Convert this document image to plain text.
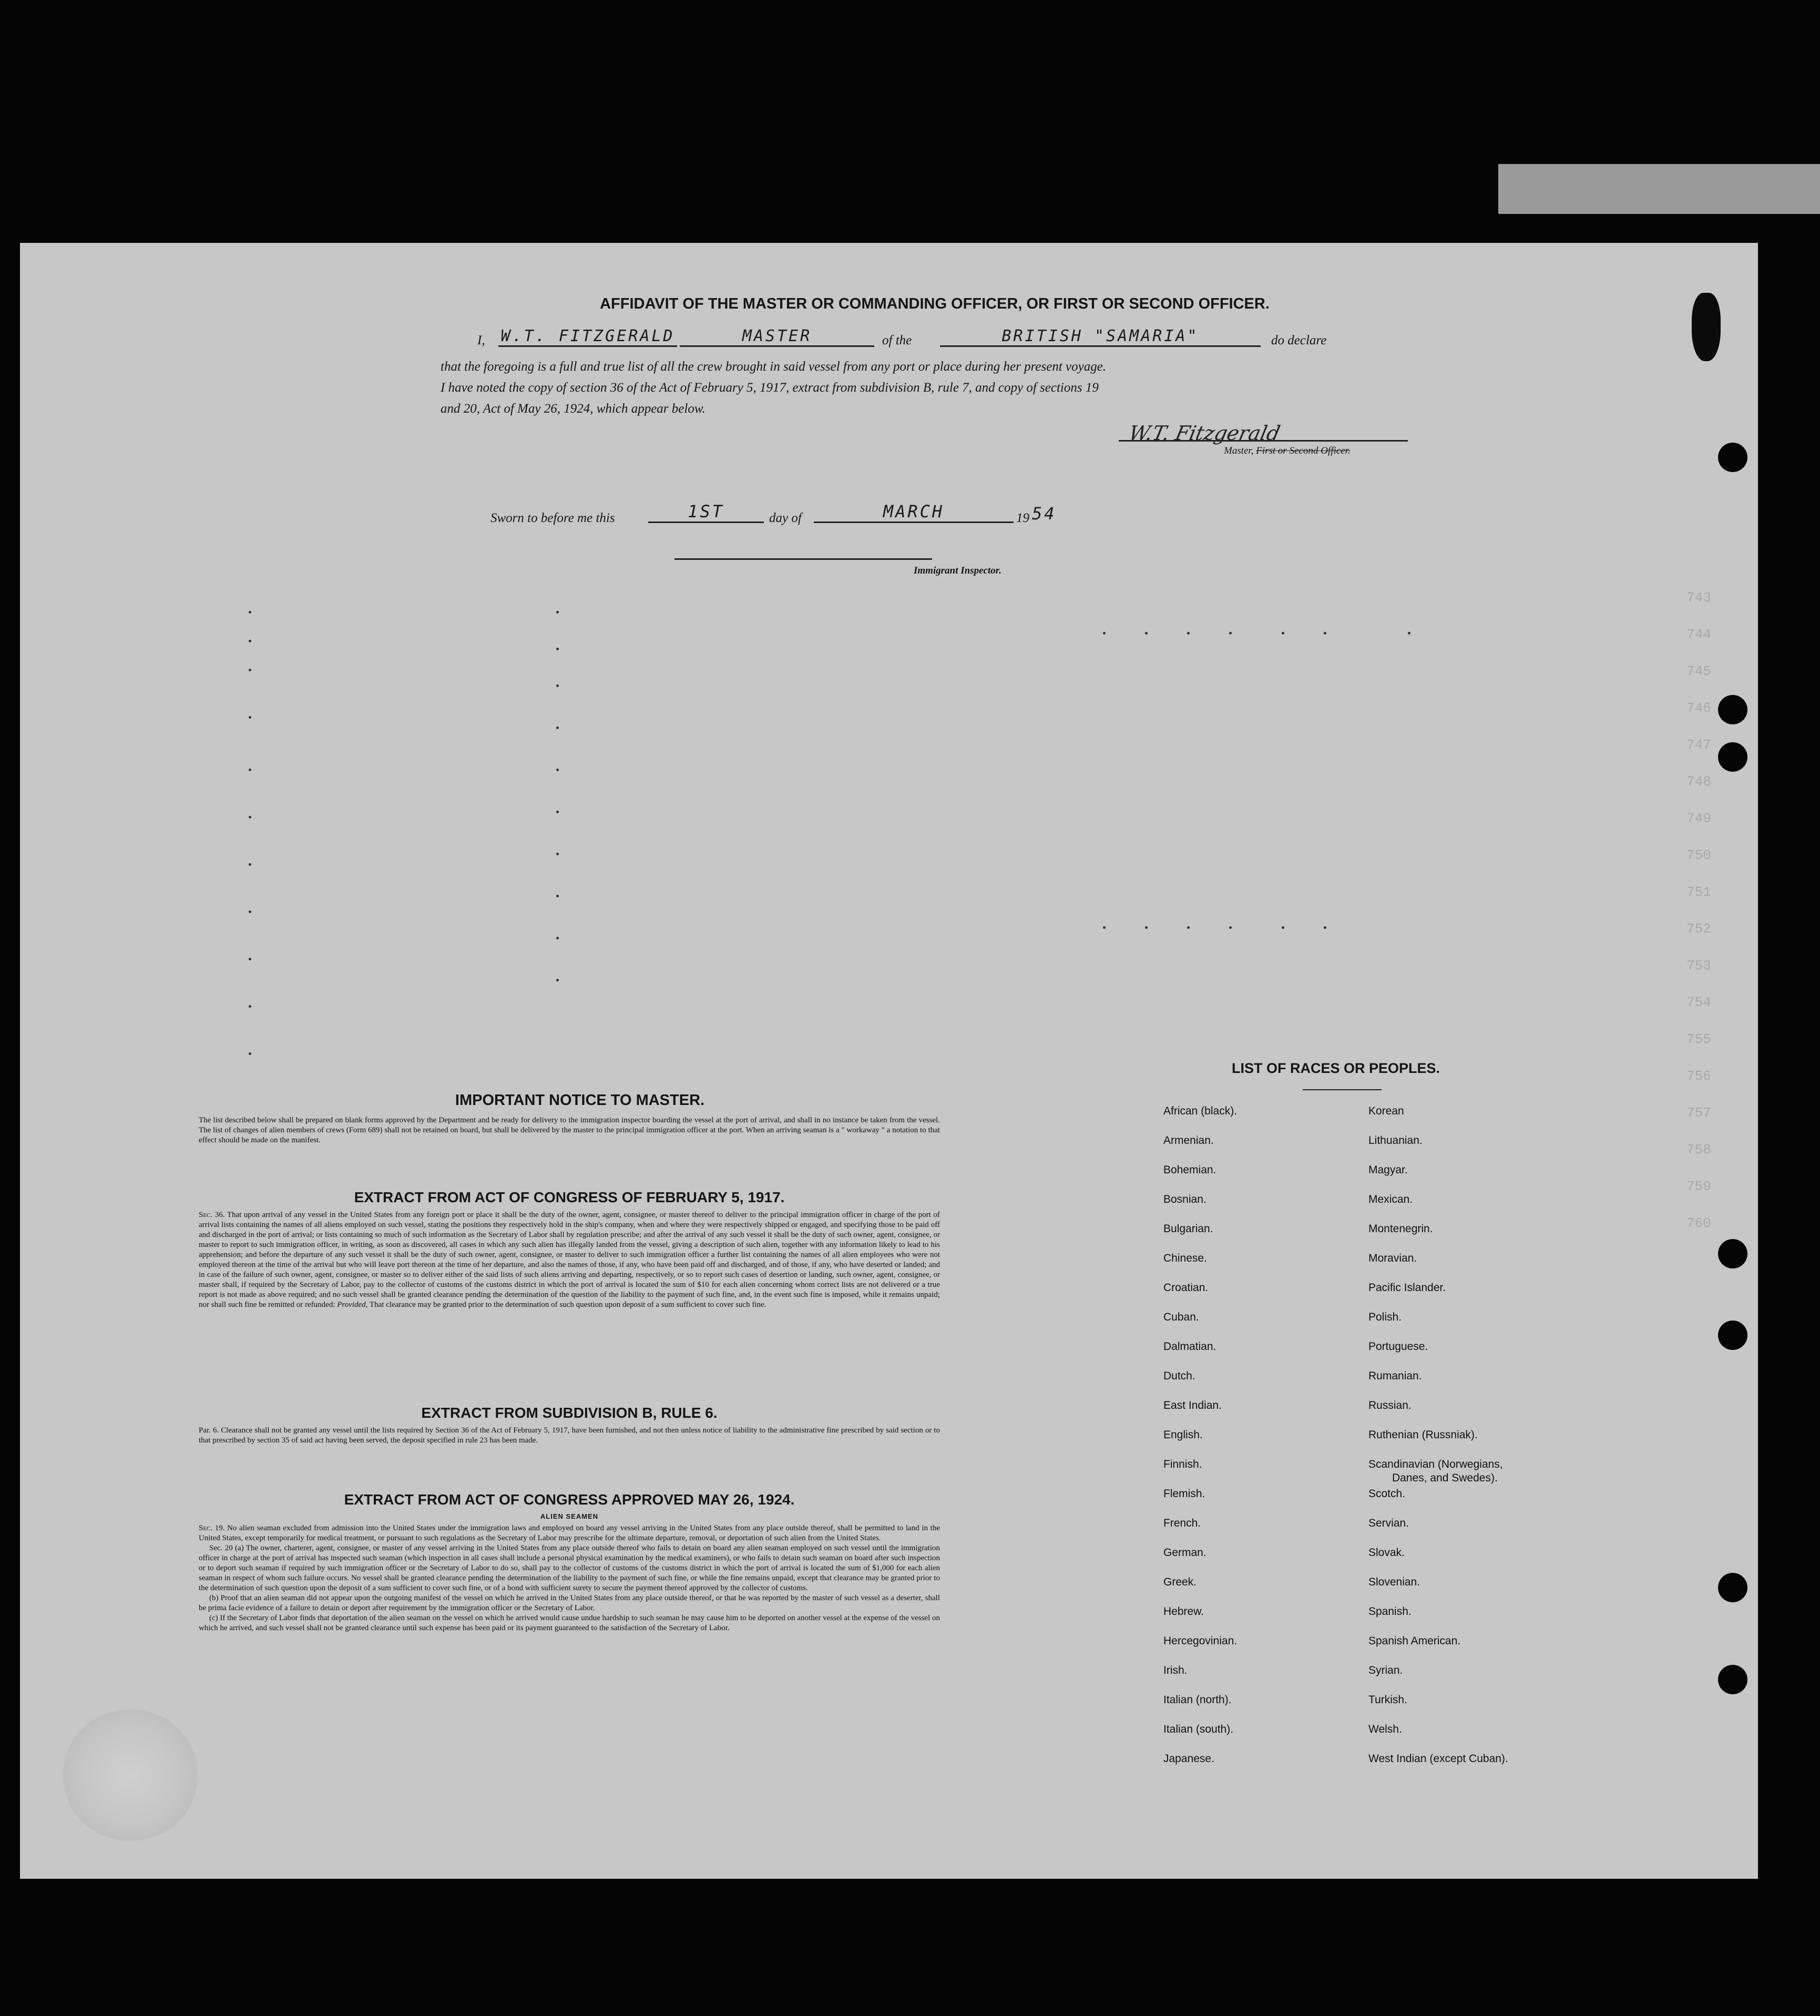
743
744
745
746
747
748
749
750
751
752
753
754
755
756
757
758
759
760
AFFIDAVIT OF THE MASTER OR COMMANDING OFFICER, OR FIRST OR SECOND OFFICER.
I, W.T. FITZGERALD	MASTER	of the	BRITISH "SAMARIA"	do declare
that the foregoing is a full and true list of all the crew brought in said vessel from any port or place during her present voyage.
I have noted the copy of section 36 of the Act of February 5, 1917, extract from subdivision B, rule 7, and copy of sections 19
and 20, Act of May 26, 1924, which appear below.
W.T. Fitzgerald
Master, First or Second Officer.
Sworn to before me this	1ST	day of	MARCH	19 54
Immigrant Inspector.
IMPORTANT NOTICE TO MASTER.
The list described below shall be prepared on blank forms approved by the Department and be ready for delivery to the immigration inspector boarding the vessel at the port of arrival, and shall in no instance be taken from the vessel. The list of changes of alien members of crews (Form 689) shall not be retained on board, but shall be delivered by the master to the principal immigration officer at the port. When an arriving seaman is a " workaway " a notation to that effect should be made on the manifest.
EXTRACT FROM ACT OF CONGRESS OF FEBRUARY 5, 1917.
Sec. 36. That upon arrival of any vessel in the United States from any foreign port or place it shall be the duty of the owner, agent, consignee, or master thereof to deliver to the principal immigration officer in charge of the port of arrival lists containing the names of all aliens employed on such vessel, stating the positions they respectively hold in the ship's company, when and where they were respectively shipped or engaged, and specifying those to be paid off and discharged in the port of arrival; or lists containing so much of such information as the Secretary of Labor shall by regulation prescribe; and after the arrival of any such vessel it shall be the duty of such owner, agent, consignee, or master to report to such immigration officer, in writing, as soon as discovered, all cases in which any such alien has illegally landed from the vessel, giving a description of such alien, together with any information likely to lead to his apprehension; and before the departure of any such vessel it shall be the duty of such owner, agent, consignee, or master to deliver to such immigration officer a further list containing the names of all alien employees who were not employed thereon at the time of the arrival but who will leave port thereon at the time of her departure, and also the names of those, if any, who have been paid off and discharged, and of those, if any, who have deserted or landed; and in case of the failure of such owner, agent, consignee, or master so to deliver either of the said lists of such aliens arriving and departing, respectively, or so to report such cases of desertion or landing, such owner, agent, consignee, or master shall, if required by the Secretary of Labor, pay to the collector of customs of the customs district in which the port of arrival is located the sum of $10 for each alien concerning whom correct lists are not delivered or a true report is not made as above required; and no such vessel shall be granted clearance pending the determination of the question of the liability to the payment of such fine, and, in the event such fine is imposed, while it remains unpaid; nor shall such fine be remitted or refunded: Provided, That clearance may be granted prior to the determination of such question upon deposit of a sum sufficient to cover such fine.
EXTRACT FROM SUBDIVISION B, RULE 6.
Par. 6. Clearance shall not be granted any vessel until the lists required by Section 36 of the Act of February 5, 1917, have been furnished, and not then unless notice of liability to the administrative fine prescribed by said section or to that prescribed by section 35 of said act having been served, the deposit specified in rule 23 has been made.
EXTRACT FROM ACT OF CONGRESS APPROVED MAY 26, 1924.
ALIEN SEAMEN
Sec. 19. No alien seaman excluded from admission into the United States under the immigration laws and employed on board any vessel arriving in the United States from any place outside thereof, shall be permitted to land in the United States, except temporarily for medical treatment, or pursuant to such regulations as the Secretary of Labor may prescribe for the ultimate departure, removal, or deportation of such alien from the United States.
Sec. 20 (a) The owner, charterer, agent, consignee, or master of any vessel arriving in the United States from any place outside thereof who fails to detain on board any alien seaman employed on such vessel until the immigration officer in charge at the port of arrival has inspected such seaman (which inspection in all cases shall include a personal physical examination by the medical examiners), or who fails to detain such seaman on board after such inspection or to deport such seaman if required by such immigration officer or the Secretary of Labor to do so, shall pay to the collector of customs of the customs district in which the port of arrival is located the sum of $1,000 for each alien seaman in respect of whom such failure occurs. No vessel shall be granted clearance pending the determination of the liability to the payment of such fine, or while the fine remains unpaid, except that clearance may be granted prior to the determination of such question upon the deposit of a sum sufficient to cover such fine, or of a bond with sufficient surety to secure the payment thereof approved by the collector of customs.
(b) Proof that an alien seaman did not appear upon the outgoing manifest of the vessel on which he arrived in the United States from any place outside thereof, or that he was reported by the master of such vessel as a deserter, shall be prima facie evidence of a failure to detain or deport after requirement by the immigration officer or the Secretary of Labor.
(c) If the Secretary of Labor finds that deportation of the alien seaman on the vessel on which he arrived would cause undue hardship to such seaman he may cause him to be deported on another vessel at the expense of the vessel on which he arrived, and such vessel shall not be granted clearance until such expense has been paid or its payment guaranteed to the satisfaction of the Secretary of Labor.
LIST OF RACES OR PEOPLES.
African (black).
Armenian.
Bohemian.
Bosnian.
Bulgarian.
Chinese.
Croatian.
Cuban.
Dalmatian.
Dutch.
East Indian.
English.
Finnish.
Flemish.
French.
German.
Greek.
Hebrew.
Hercegovinian.
Irish.
Italian (north).
Italian (south).
Japanese.
Korean
Lithuanian.
Magyar.
Mexican.
Montenegrin.
Moravian.
Pacific Islander.
Polish.
Portuguese.
Rumanian.
Russian.
Ruthenian (Russniak).
Scandinavian (Norwegians,
Danes, and Swedes).
Scotch.
Servian.
Slovak.
Slovenian.
Spanish.
Spanish American.
Syrian.
Turkish.
Welsh.
West Indian (except Cuban).
